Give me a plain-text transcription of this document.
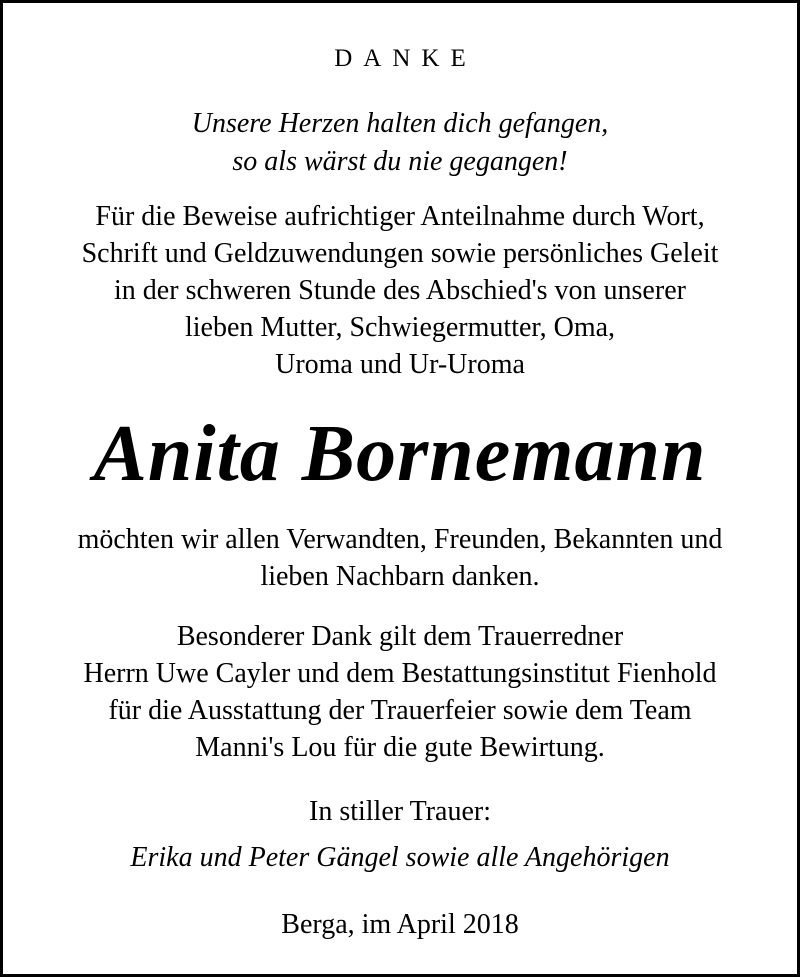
DANKE

Unsere Herzen halten dich gefangen,
so als wärst du nie gegangen!

Für die Beweise aufrichtiger Anteilnahme durch Wort,
Schrift und Geldzuwendungen sowie persönliches Geleit
in der schweren Stunde des Abschied's von unserer
lieben Mutter, Schwiegermutter, Oma,
Uroma und Ur-Uroma

Anita Bornemann

möchten wir allen Verwandten, Freunden, Bekannten und
lieben Nachbarn danken.

Besonderer Dank gilt dem Trauerredner
Herrn Uwe Cayler und dem Bestattungsinstitut Fienhold
für die Ausstattung der Trauerfeier sowie dem Team
Manni's Lou für die gute Bewirtung.

In stiller Trauer:

Erika und Peter Gängel sowie alle Angehörigen

Berga, im April 2018
